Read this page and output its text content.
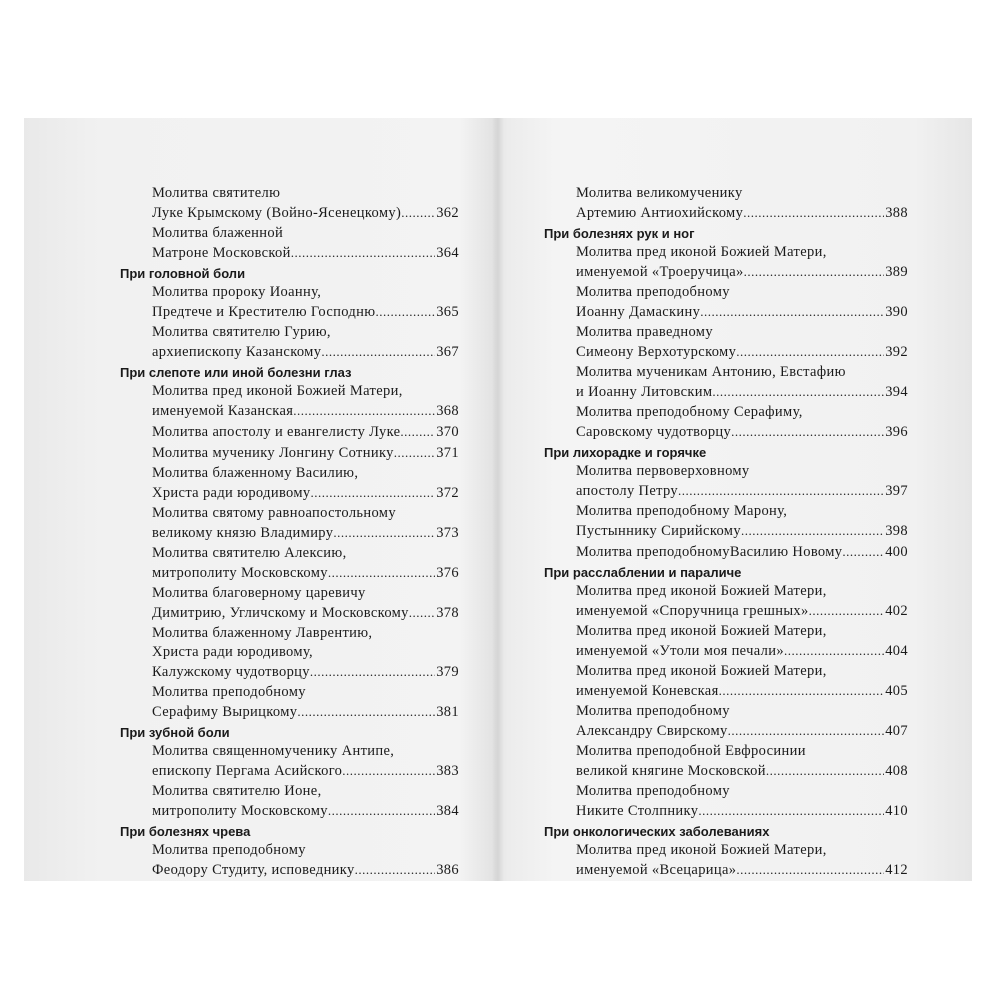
Молитва святителю
Луке Крымскому (Войно-Ясенецкому) ..... 362
Молитва блаженной
Матроне Московской .....	364
При головной боли
Молитва пророку Иоанну,
Предтече и Крестителю Господню .....	365
Молитва святителю Гурию,
архиепископу Казанскому .....	367
При слепоте или иной болезни глаз
Молитва пред иконой Божией Матери,
именуемой Казанская .....	368
Молитва апостолу и евангелисту Луке ..... 370
Молитва мученику Лонгину Сотнику .....	371
Молитва блаженному Василию,
Христа ради юродивому .....	372
Молитва святому равноапостольному
великому князю Владимиру .....	373
Молитва святителю Алексию,
митрополиту Московскому .....	376
Молитва благоверному царевичу
Димитрию, Угличскому и Московскому ..... 378
Молитва блаженному Лаврентию,
Христа ради юродивому,
Калужскому чудотворцу .....	379
Молитва преподобному
Серафиму Вырицкому .....	381
При зубной боли
Молитва священномученику Антипе,
епископу Пергама Асийского .....	383
Молитва святителю Ионе,
митрополиту Московскому .....	384
При болезнях чрева
Молитва преподобному
Феодору Студиту, исповеднику .....	386
Молитва великомученику
Артемию Антиохийскому .....	388
При болезнях рук и ног
Молитва пред иконой Божией Матери,
именуемой «Троеручица» .....	389
Молитва преподобному
Иоанну Дамаскину .....	390
Молитва праведному
Симеону Верхотурскому .....	392
Молитва мученикам Антонию, Евстафию
и Иоанну Литовским .....	394
Молитва преподобному Серафиму,
Саровскому чудотворцу .....	396
При лихорадке и горячке
Молитва первоверховному
апостолу Петру .....	397
Молитва преподобному Марону,
Пустыннику Сирийскому .....	398
Молитва преподобномуВасилию Новому .....	400
При расслаблении и параличе
Молитва пред иконой Божией Матери,
именуемой «Споручница грешных» .....	402
Молитва пред иконой Божией Матери,
именуемой «Утоли моя печали» .....	404
Молитва пред иконой Божией Матери,
именуемой Коневская .....	405
Молитва преподобному
Александру Свирскому .....	407
Молитва преподобной Евфросинии
великой княгине Московской .....	408
Молитва преподобному
Никите Столпнику .....	410
При онкологических заболеваниях
Молитва пред иконой Божией Матери,
именуемой «Всецарица» .....	412
